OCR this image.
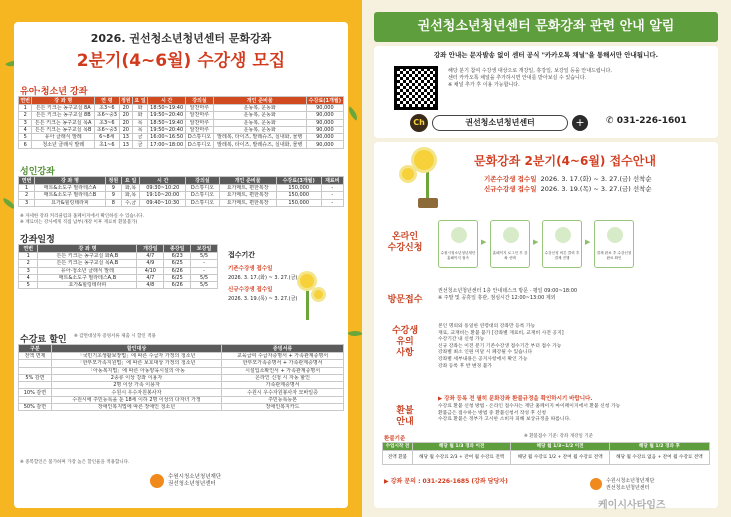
2026. 권선청소년청년센터 문화강좌
2분기(4~6월) 수강생 모집
유아·청소년 강좌
연번	강 좌 명	연 령	정원	요 일	시 간	강의실	개인 준비물	수강료(1개월)
1	튼튼 키크는 농구교실 8A	초3~6	20	화	18:50~19:40	알찬마루	운동복, 운동화	90,000
2	튼튼 키크는 농구교실 8B	초6~중3	20	화	19:50~20:40	알찬마루	운동복, 운동화	90,000
3	튼튼 키크는 농구교실 목A	초3~6	20	목	18:50~19:40	알찬마루	운동복, 운동화	90,000
4	튼튼 키크는 농구교실 목B	초6~중3	20	목	19:50~20:40	알찬마루	운동복, 운동화	90,000
5	유아 클래식 발레	6~8세	13	금	16:00~16:50	D스튜디오	발레복, 타이즈, 발레슈즈, 실내화, 물병	90,000
6	청소년 클래식 발레	초1~6	13	금	17:00~18:00	D스튜디오	발레복, 타이즈, 발레슈즈, 실내화, 물병	90,000
성인강좌
연번	강 좌 명	정원	요 일	시 간	강의실	개인 준비물	수강료(3개월)	재료비
1	매트&소도구 필라테스A	9	화,목	09:30~10:20	D스튜디오	요가매트, 편한복장	150,000	-
2	매트&소도구 필라테스B	9	화,목	19:10~20:00	D스튜디오	요가매트, 편한복장	150,000	-
3	요가&힐링테라피	8	수,금	09:40~10:30	D스튜디오	요가매트, 편한복장	150,000	-
※ 자세한 강좌 커리큘럼과 홈페이지에서 확인하실 수 있습니다.
※ 재료비는 강사에게 직접 납부(개강 이후 재료비 환불불가)
강좌일정
연번	강 좌 명	개강일	종강일	보강일
1	튼튼 키크는 농구교실 화A,B	4/7	6/23	5/5
2	튼튼 키크는 농구교실 목A,B	4/9	6/25	-
3	유아·청소년 클래식 발레	4/10	6/26	-
4	매트&소도구 필라테스A,B	4/7	6/25	5/5
5	요가&힐링테라피	4/8	6/26	5/5
접수기간
기존수강생 접수일
2026. 3. 17.(화) ~ 3. 27.(금)
신규수강생 접수일
2026. 3. 19.(목) ~ 3. 27.(금)
수강료 할인 ※ 감면대상자 증빙서류 제출 시 할인 적용
구분	할인대상	증빙서류
전액 면제	「국민기초생활보장법」에 따른 수급자 가정의 청소년	교육급여 수급자증명서 + 가족관계증명서
	「한부모가족지원법」에 따른 보호대상 가정의 청소년	한부모가족증명서 + 가족관계증명서
	「아동복지법」에 따른 아동양육시설의 아동	시설입소확인서 + 가족관계증명서
5% 감면	2종류 이상 강좌 이용자	온라인 신청 시 자동 할인
	2명 이상 가족 이용자	가족관계증명서
10% 감면	수원시 우수자원봉사자	수원시 우수자원봉사자 모바일증
	수원시에 주민등록을 둔 18세 이하 2명 이상의 다자녀 가정	주민등록등본
50% 감면	장애인복지법에 따른 장애인 청소년	장애인복지카드
※ 중복할인은 불가하며 가장 높은 할인율을 적용합니다.
수원시청소년청년재단
권선청소년청년센터
권선청소년청년센터 문화강좌 관련 안내 알림
강좌 안내는 문자발송 없이 센터 공식 "카카오톡 채널"을 통해서만 안내됩니다.
해당 분기 참여 수강생 대상으로 개강일, 휴강일, 보강일 등을 안내드립니다.
센터 카카오톡 채널을 추가하시면 안내를 받아보실 수 있습니다.
※ 채널 추가 후 이용 가능합니다.
Ch	권선청소년청년센터	+	✆ 031-226-1601
문화강좌 2분기(4~6월) 접수안내
기존수강생 접수일 2026. 3. 17.(화) ~ 3. 27.(금) 선착순
신규수강생 접수일 2026. 3. 19.(목) ~ 3. 27.(금) 선착순
온라인
수강신청	수원시청소년청년재단 홈페이지 접속
▶
홈페이지 로그인 후 강좌 선택
▶
수강신청 버튼 클릭 후 결제 진행
▶
결제 완료 후 수강신청 완료 확인
방문접수
권선청소년청년센터 1층 안내데스크 방문 · 평일 09:00~18:00
※ 주말 및 공휴일 휴관, 점심시간 12:00~13:00 제외
수강생
유의
사항
본인 명의와 동일한 연령대의 강좌만 등록 가능
재료, 교재비는 환불 불가 [강좌별 재료비, 교재비 사전 공지]
수강기간 내 신청 가능
신규 강좌는 이전 분기 기존수강생 접수기간 부터 접수 가능
강좌별 최소 인원 미달 시 폐강될 수 있습니다
강좌별 세부내용은 공지사항에서 확인 가능
강좌 등록 후 반 변경 불가
환불
안내
▶ 강좌 등록 전 필히 문화강좌 환불규정을 확인하시기 바랍니다.
수강료 환불 신청 방법 - 온라인 접수자는 재단 홈페이지 마이페이지에서 환불 신청 가능
환불금은 접수하는 방법 중 환불신청서 작성 후 신청
수강료 환불은 정부가 고시한 소비자 피해 보상규정을 따릅니다.
환불기준	※ 환불접수 기준: 강좌 개강일 기준
수업시작 전	해당 월 1/3 경과 이전	해당 월 1/3~1/2 이전	해당 월 1/2 경과 후
전액 환불	해당 월 수강료 2/3 + 잔여 월 수강료 전액	해당 월 수강료 1/2 + 잔여 월 수강료 전액	해당 월 수강료 없음 + 잔여 월 수강료 전액
▶ 강좌 문의 : 031-226-1685 (강좌 담당자)	수원시청소년청년재단
권선청소년청년센터
케이시사타임즈
